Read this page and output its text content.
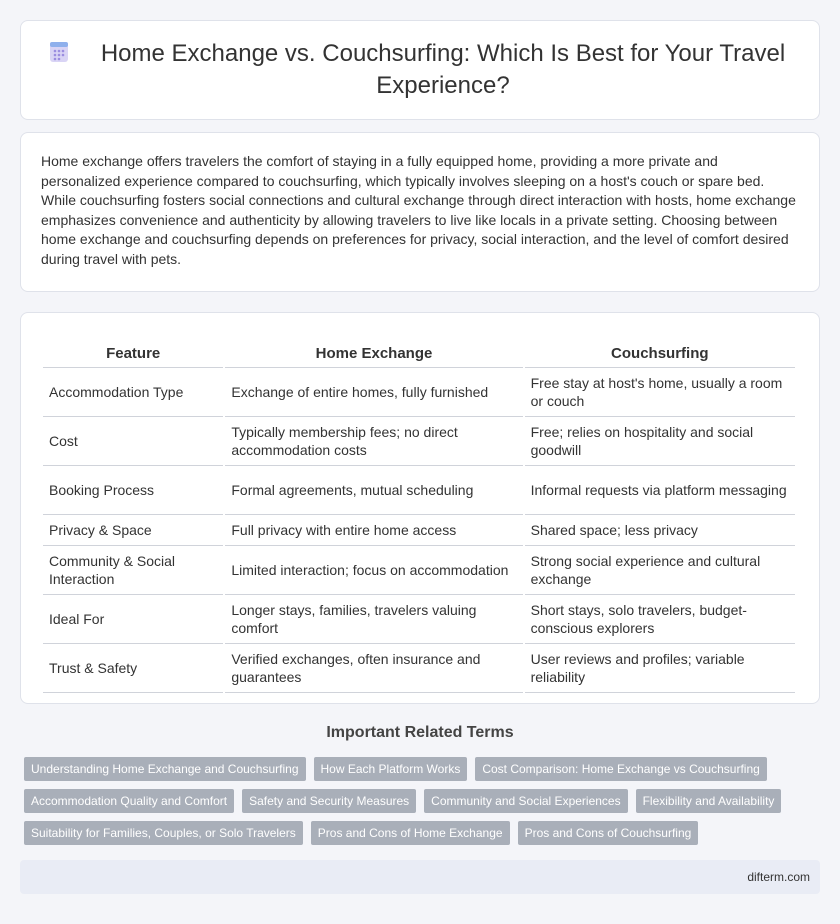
Home Exchange vs. Couchsurfing: Which Is Best for Your Travel Experience?

Home exchange offers travelers the comfort of staying in a fully equipped home, providing a more private and personalized experience compared to couchsurfing, which typically involves sleeping on a host's couch or spare bed. While couchsurfing fosters social connections and cultural exchange through direct interaction with hosts, home exchange emphasizes convenience and authenticity by allowing travelers to live like locals in a private setting. Choosing between home exchange and couchsurfing depends on preferences for privacy, social interaction, and the level of comfort desired during travel with pets.

Feature	Home Exchange	Couchsurfing
Accommodation Type	Exchange of entire homes, fully furnished	Free stay at host's home, usually a room or couch
Cost	Typically membership fees; no direct accommodation costs	Free; relies on hospitality and social goodwill
Booking Process	Formal agreements, mutual scheduling	Informal requests via platform messaging
Privacy & Space	Full privacy with entire home access	Shared space; less privacy
Community & Social Interaction	Limited interaction; focus on accommodation	Strong social experience and cultural exchange
Ideal For	Longer stays, families, travelers valuing comfort	Short stays, solo travelers, budget-conscious explorers
Trust & Safety	Verified exchanges, often insurance and guarantees	User reviews and profiles; variable reliability
Important Related Terms
Understanding Home Exchange and Couchsurfing	How Each Platform Works	Cost Comparison: Home Exchange vs Couchsurfing
Accommodation Quality and Comfort	Safety and Security Measures	Community and Social Experiences	Flexibility and Availability
Suitability for Families, Couples, or Solo Travelers	Pros and Cons of Home Exchange	Pros and Cons of Couchsurfing
difterm.com
